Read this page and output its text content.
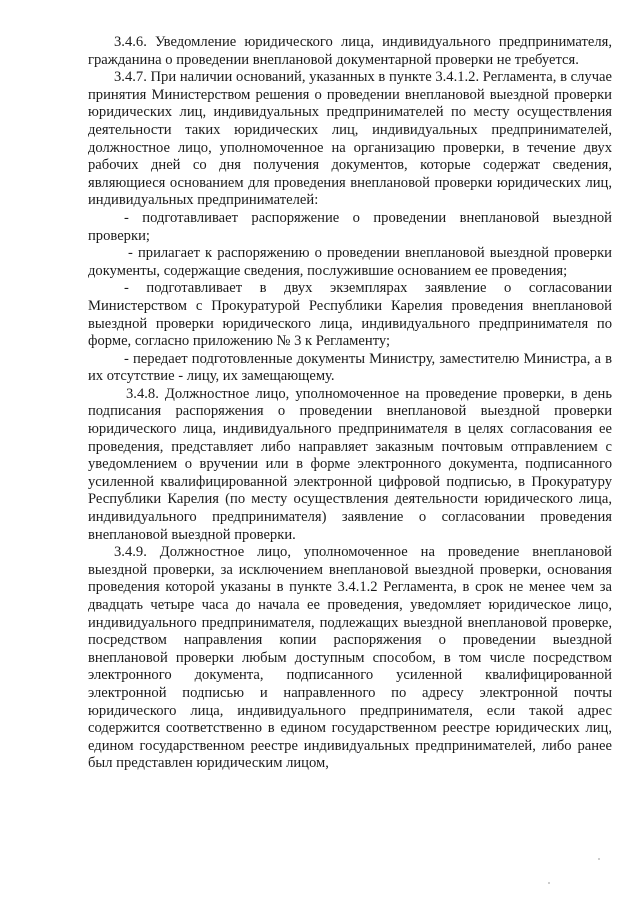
3.4.6. Уведомление юридического лица, индивидуального предпринимателя, гражданина о проведении внеплановой документарной проверки не требуется.

3.4.7. При наличии оснований, указанных в пункте 3.4.1.2. Регламента, в случае принятия Министерством решения о проведении внеплановой выездной проверки юридических лиц, индивидуальных предпринимателей по месту осуществления деятельности таких юридических лиц, индивидуальных предпринимателей, должностное лицо, уполномоченное на организацию проверки, в течение двух рабочих дней со дня получения документов, которые содержат сведения, являющиеся основанием для проведения внеплановой проверки юридических лиц, индивидуальных предпринимателей:

- подготавливает распоряжение о проведении внеплановой выездной проверки;

- прилагает к распоряжению о проведении внеплановой выездной проверки документы, содержащие сведения, послужившие основанием ее проведения;

- подготавливает в двух экземплярах заявление о согласовании Министерством с Прокуратурой Республики Карелия проведения внеплановой выездной проверки юридического лица, индивидуального предпринимателя по форме, согласно приложению № 3 к Регламенту;

- передает подготовленные документы Министру, заместителю Министра, а в их отсутствие - лицу, их замещающему.

3.4.8. Должностное лицо, уполномоченное на проведение проверки, в день подписания распоряжения о проведении внеплановой выездной проверки юридического лица, индивидуального предпринимателя в целях согласования ее проведения, представляет либо направляет заказным почтовым отправлением с уведомлением о вручении или в форме электронного документа, подписанного усиленной квалифицированной электронной цифровой подписью, в Прокуратуру Республики Карелия (по месту осуществления деятельности юридического лица, индивидуального предпринимателя) заявление о согласовании проведения внеплановой выездной проверки.

3.4.9. Должностное лицо, уполномоченное на проведение внеплановой выездной проверки, за исключением внеплановой выездной проверки, основания проведения которой указаны в пункте 3.4.1.2 Регламента, в срок не менее чем за двадцать четыре часа до начала ее проведения, уведомляет юридическое лицо, индивидуального предпринимателя, подлежащих выездной внеплановой проверке, посредством направления копии распоряжения о проведении выездной внеплановой проверки любым доступным способом, в том числе посредством электронного документа, подписанного усиленной квалифицированной электронной подписью и направленного по адресу электронной почты юридического лица, индивидуального предпринимателя, если такой адрес содержится соответственно в едином государственном реестре юридических лиц, едином государственном реестре индивидуальных предпринимателей, либо ранее был представлен юридическим лицом,
